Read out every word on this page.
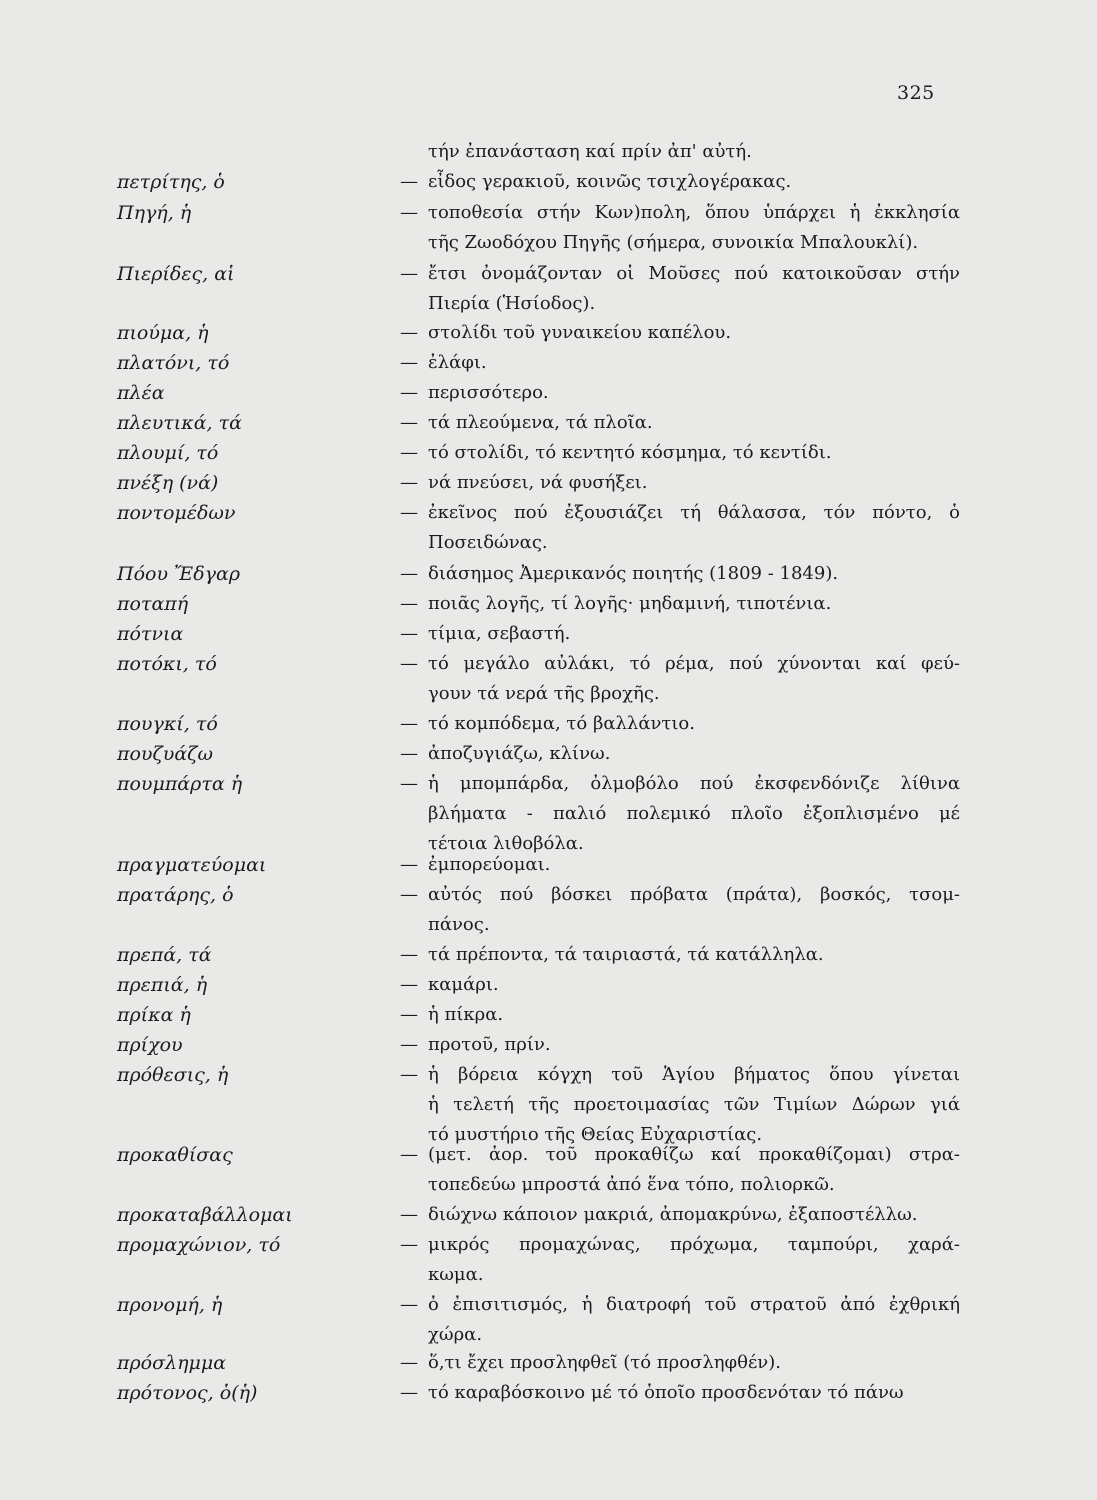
325
τήν ἐπανάσταση καί πρίν ἀπ' αὐτή.
πετρίτης, ὁ	— εἶδος γερακιοῦ, κοινῶς τσιχλογέρακας.
Πηγή, ἡ	— τοποθεσία στήν Κων)πολη, ὅπου ὑπάρχει ἡ ἐκκλησία
τῆς Ζωοδόχου Πηγῆς (σήμερα, συνοικία Μπαλουκλί).
Πιερίδες, αἱ	— ἔτσι ὀνομάζονταν οἱ Μοῦσες πού κατοικοῦσαν στήν
Πιερία (Ἡσίοδος).
πιούμα, ἡ	— στολίδι τοῦ γυναικείου καπέλου.
πλατόνι, τό	— ἐλάφι.
πλέα	— περισσότερο.
πλευτικά, τά	— τά πλεούμενα, τά πλοῖα.
πλουμί, τό	— τό στολίδι, τό κεντητό κόσμημα, τό κεντίδι.
πνέξη (νά)	— νά πνεύσει, νά φυσήξει.
ποντομέδων	— ἐκεῖνος πού ἐξουσιάζει τή θάλασσα, τόν πόντο, ὁ
Ποσειδώνας.
Πόου Ἔδγαρ	— διάσημος Ἀμερικανός ποιητής (1809 - 1849).
ποταπή	— ποιᾶς λογῆς, τί λογῆς· μηδαμινή, τιποτένια.
πότνια	— τίμια, σεβαστή.
ποτόκι, τό	— τό μεγάλο αὐλάκι, τό ρέμα, πού χύνονται καί φεύ-
γουν τά νερά τῆς βροχῆς.
πουγκί, τό	— τό κομπόδεμα, τό βαλλάντιο.
πουζυάζω	— ἀποζυγιάζω, κλίνω.
πουμπάρτα ἡ	— ἡ μπομπάρδα, ὀλμοβόλο πού ἐκσφενδόνιζε λίθινα
βλήματα - παλιό πολεμικό πλοῖο ἐξοπλισμένο μέ
τέτοια λιθοβόλα.
πραγματεύομαι	— ἐμπορεύομαι.
πρατάρης, ὁ	— αὐτός πού βόσκει πρόβατα (πράτα), βοσκός, τσομ-
πάνος.
πρεπά, τά	— τά πρέποντα, τά ταιριαστά, τά κατάλληλα.
πρεπιά, ἡ	— καμάρι.
πρίκα ἡ	— ἡ πίκρα.
πρίχου	— προτοῦ, πρίν.
πρόθεσις, ἡ	— ἡ βόρεια κόγχη τοῦ Ἁγίου βήματος ὅπου γίνεται
ἡ τελετή τῆς προετοιμασίας τῶν Τιμίων Δώρων γιά
τό μυστήριο τῆς Θείας Εὐχαριστίας.
προκαθίσας	— (μετ. ἀορ. τοῦ προκαθίζω καί προκαθίζομαι) στρα-
τοπεδεύω μπροστά ἀπό ἕνα τόπο, πολιορκῶ.
προκαταβάλλομαι	— διώχνω κάποιον μακριά, ἀπομακρύνω, ἐξαποστέλλω.
προμαχώνιον, τό	— μικρός προμαχώνας, πρόχωμα, ταμπούρι, χαρά-
κωμα.
προνομή, ἡ	— ὁ ἐπισιτισμός, ἡ διατροφή τοῦ στρατοῦ ἀπό ἐχθρική
χώρα.
πρόσλημμα	— ὅ,τι ἔχει προσληφθεῖ (τό προσληφθέν).
πρότονος, ὁ(ἡ)	— τό καραβόσκοινο μέ τό ὁποῖο προσδενόταν τό πάνω
